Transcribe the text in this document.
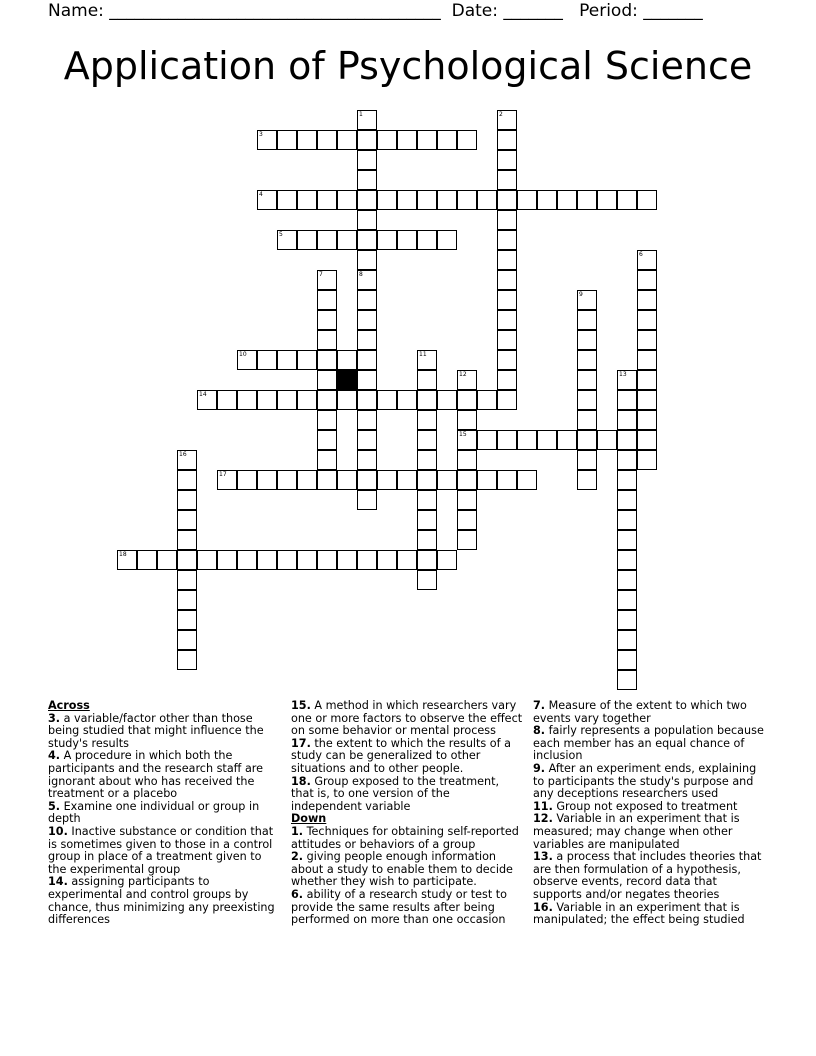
Name: _______________________________________ Date: _______ Period: _______
Application of Psychological Science
1	2
3
4
5
6
7	8
9
10	11
12
15
13
14
16
17
18
Across
3. a variable/factor other than those being studied that might influence the study's results
4. A procedure in which both the participants and the research staff are ignorant about who has received the treatment or a placebo
5. Examine one individual or group in depth
10. Inactive substance or condition that is sometimes given to those in a control group in place of a treatment given to the experimental group
14. assigning participants to experimental and control groups by chance, thus minimizing any preexisting differences
15. A method in which researchers vary one or more factors to observe the effect on some behavior or mental process
17. the extent to which the results of a study can be generalized to other situations and to other people.
18. Group exposed to the treatment, that is, to one version of the independent variable
Down
1. Techniques for obtaining self-reported attitudes or behaviors of a group
2. giving people enough information about a study to enable them to decide whether they wish to participate.
6. ability of a research study or test to provide the same results after being performed on more than one occasion
7. Measure of the extent to which two events vary together
8. fairly represents a population because each member has an equal chance of inclusion
9. After an experiment ends, explaining to participants the study's purpose and any deceptions researchers used
11. Group not exposed to treatment
12. Variable in an experiment that is measured; may change when other variables are manipulated
13. a process that includes theories that are then formulation of a hypothesis, observe events, record data that supports and/or negates theories
16. Variable in an experiment that is manipulated; the effect being studied
